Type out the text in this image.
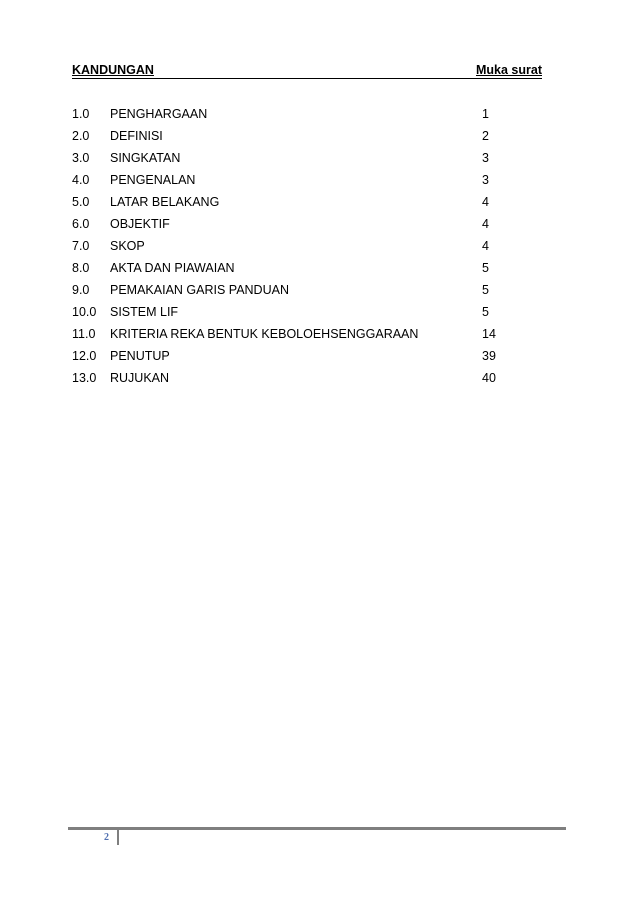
KANDUNGAN	Muka surat
1.0 PENGHARGAAN	1
2.0 DEFINISI	2
3.0 SINGKATAN	3
4.0 PENGENALAN	3
5.0 LATAR BELAKANG	4
6.0 OBJEKTIF	4
7.0 SKOP	4
8.0 AKTA DAN PIAWAIAN	5
9.0 PEMAKAIAN GARIS PANDUAN	5
10.0 SISTEM LIF	5
11.0 KRITERIA REKA BENTUK KEBOLOEHSENGGARAAN	14
12.0 PENUTUP	39
13.0 RUJUKAN	40
2
